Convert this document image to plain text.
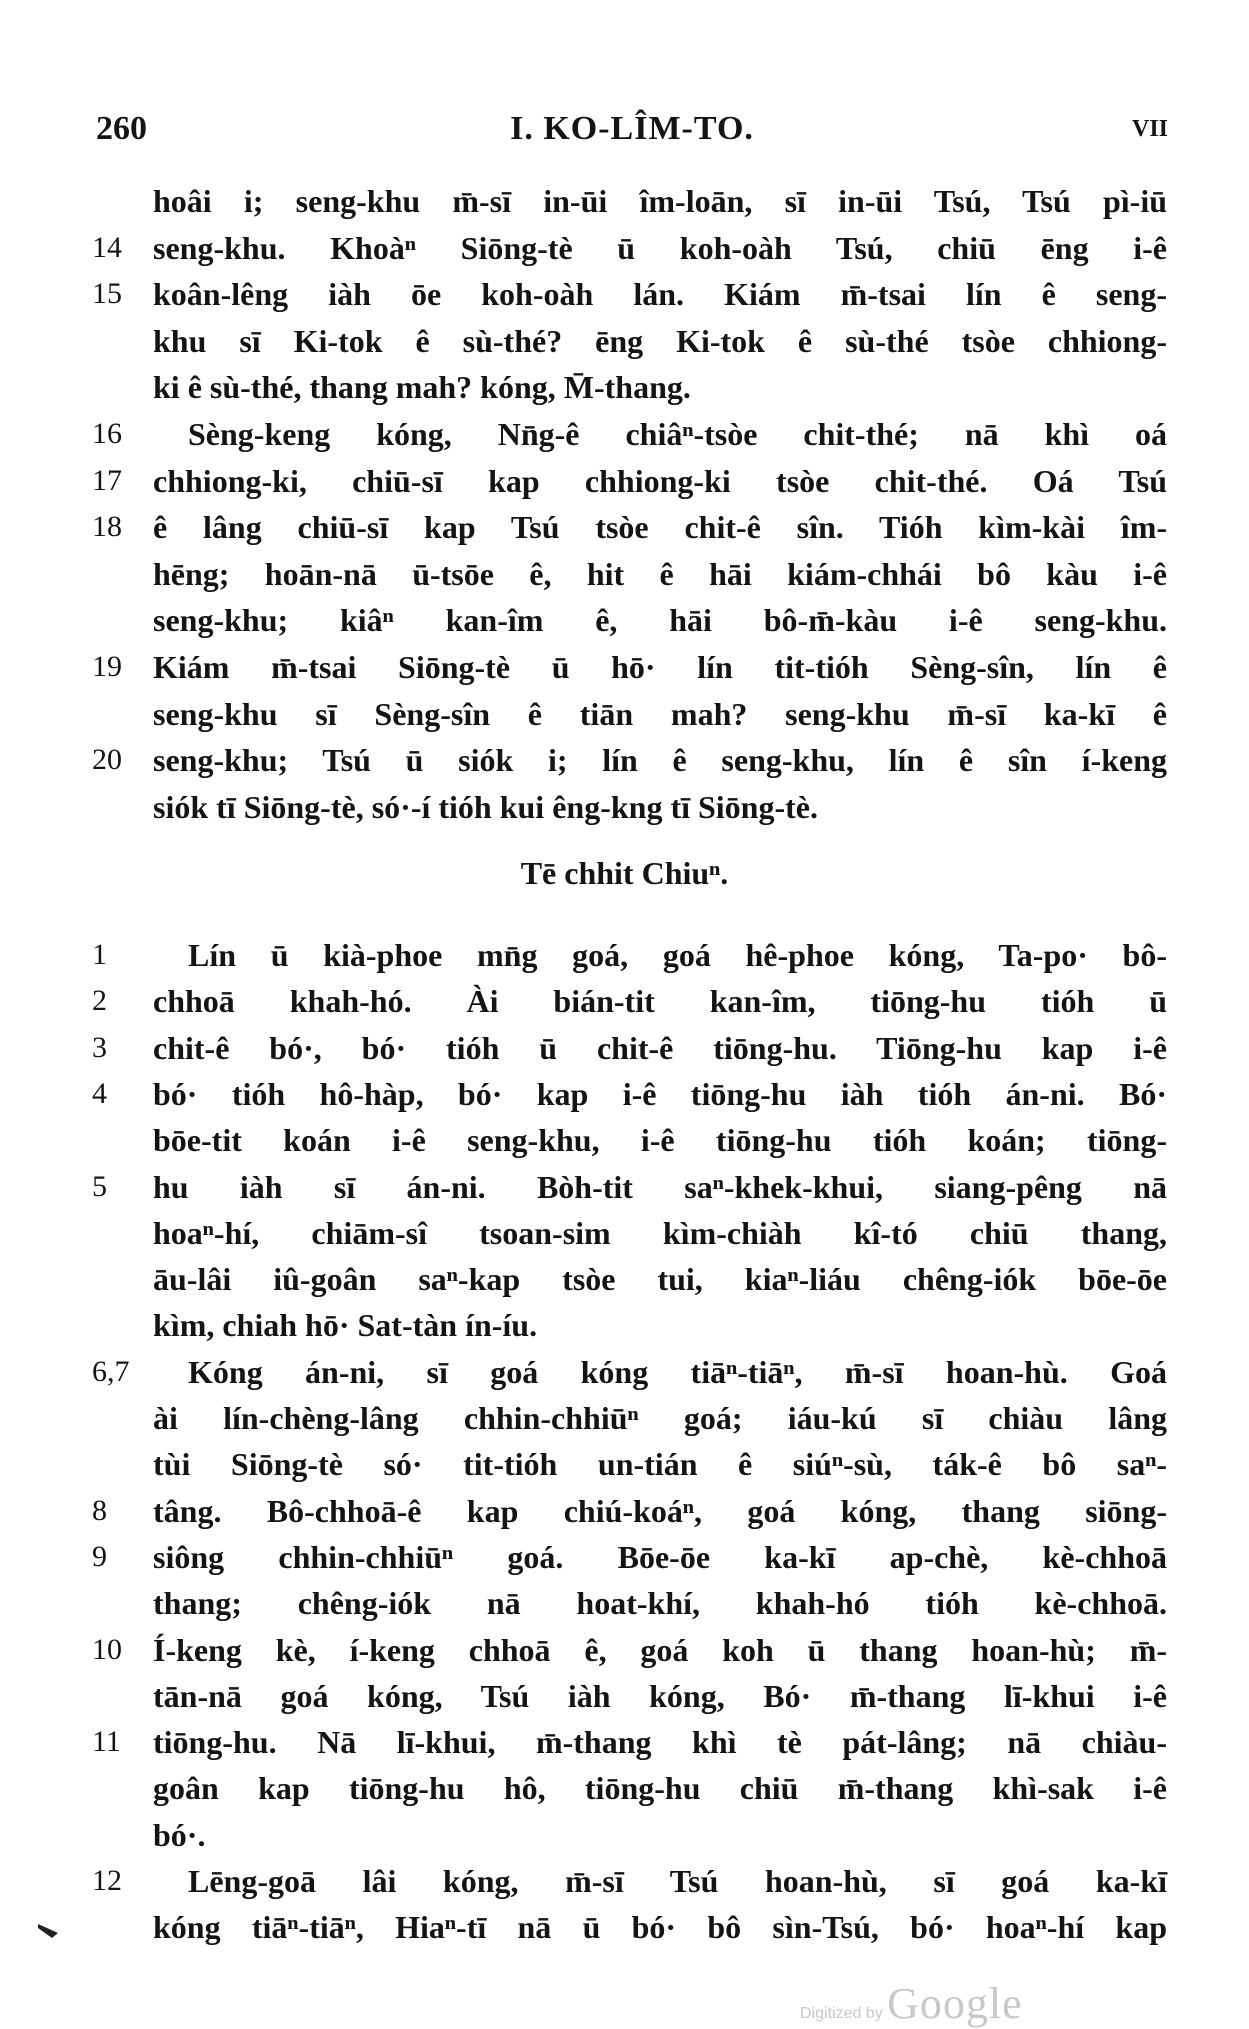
260	I. KO-LÎM-TO.	VII
hoâi i; seng-khu m̄-sī in-ūi îm-loān, sī in-ūi Tsú, Tsú pì-iū
14 seng-khu. Khoàⁿ Siōng-tè ū koh-oàh Tsú, chiū ēng i-ê
15 koân-lêng iàh ōe koh-oàh lán. Kiám m̄-tsai lín ê seng-
khu sī Ki-tok ê sù-thé? ēng Ki-tok ê sù-thé tsòe chhiong-
ki ê sù-thé, thang mah? kóng, M̄-thang.
16	Sèng-keng kóng, Nn̄g-ê chiâⁿ-tsòe chit-thé; nā khì oá
17 chhiong-ki, chiū-sī kap chhiong-ki tsòe chit-thé. Oá Tsú
18 ê lâng chiū-sī kap Tsú tsòe chit-ê sîn. Tióh kìm-kài îm-
hēng; hoān-nā ū-tsōe ê, hit ê hāi kiám-chhái bô kàu i-ê
seng-khu; kiâⁿ kan-îm ê, hāi bô-m̄-kàu i-ê seng-khu.
19 Kiám m̄-tsai Siōng-tè ū hō· lín tit-tióh Sèng-sîn, lín ê
seng-khu sī Sèng-sîn ê tiān mah? seng-khu m̄-sī ka-kī ê
20 seng-khu; Tsú ū siók i; lín ê seng-khu, lín ê sîn í-keng
siók tī Siōng-tè, só·-í tióh kui êng-kng tī Siōng-tè.
Tē chhit Chiuⁿ.
1	Lín ū kià-phoe mn̄g goá, goá hê-phoe kóng, Ta-po· bô-
2	chhoā khah-hó. Ài bián-tit kan-îm, tiōng-hu tióh ū
3	chit-ê bó·, bó· tióh ū chit-ê tiōng-hu. Tiōng-hu kap i-ê
4	bó· tióh hô-hàp, bó· kap i-ê tiōng-hu iàh tióh án-ni. Bó·
bōe-tit koán i-ê seng-khu, i-ê tiōng-hu tióh koán; tiōng-
5	hu iàh sī án-ni. Bòh-tit saⁿ-khek-khui, siang-pêng nā
hoaⁿ-hí, chiām-sî tsoan-sim kìm-chiàh kî-tó chiū thang,
āu-lâi iû-goân saⁿ-kap tsòe tui, kiaⁿ-liáu chêng-iók bōe-ōe
kìm, chiah hō· Sat-tàn ín-íu.
6,7	Kóng án-ni, sī goá kóng tiāⁿ-tiāⁿ, m̄-sī hoan-hù. Goá
ài lín-chèng-lâng chhin-chhiūⁿ goá; iáu-kú sī chiàu lâng
tùi Siōng-tè só· tit-tióh un-tián ê siúⁿ-sù, ták-ê bô saⁿ-
8	tâng. Bô-chhoā-ê kap chiú-koáⁿ, goá kóng, thang siōng-
9	siông chhin-chhiūⁿ goá. Bōe-ōe ka-kī ap-chè, kè-chhoā
thang; chêng-iók nā hoat-khí, khah-hó tióh kè-chhoā.
10 Í-keng kè, í-keng chhoā ê, goá koh ū thang hoan-hù; m̄-
tān-nā goá kóng, Tsú iàh kóng, Bó· m̄-thang lī-khui i-ê
11	tiōng-hu. Nā lī-khui, m̄-thang khì tè pát-lâng; nā chiàu-
goân kap tiōng-hu hô, tiōng-hu chiū m̄-thang khì-sak i-ê
bó·.
12	Lēng-goā lâi kóng, m̄-sī Tsú hoan-hù, sī goá ka-kī
kóng tiāⁿ-tiāⁿ, Hiaⁿ-tī nā ū bó· bô sìn-Tsú, bó· hoaⁿ-hí kap
Digitized by Google
